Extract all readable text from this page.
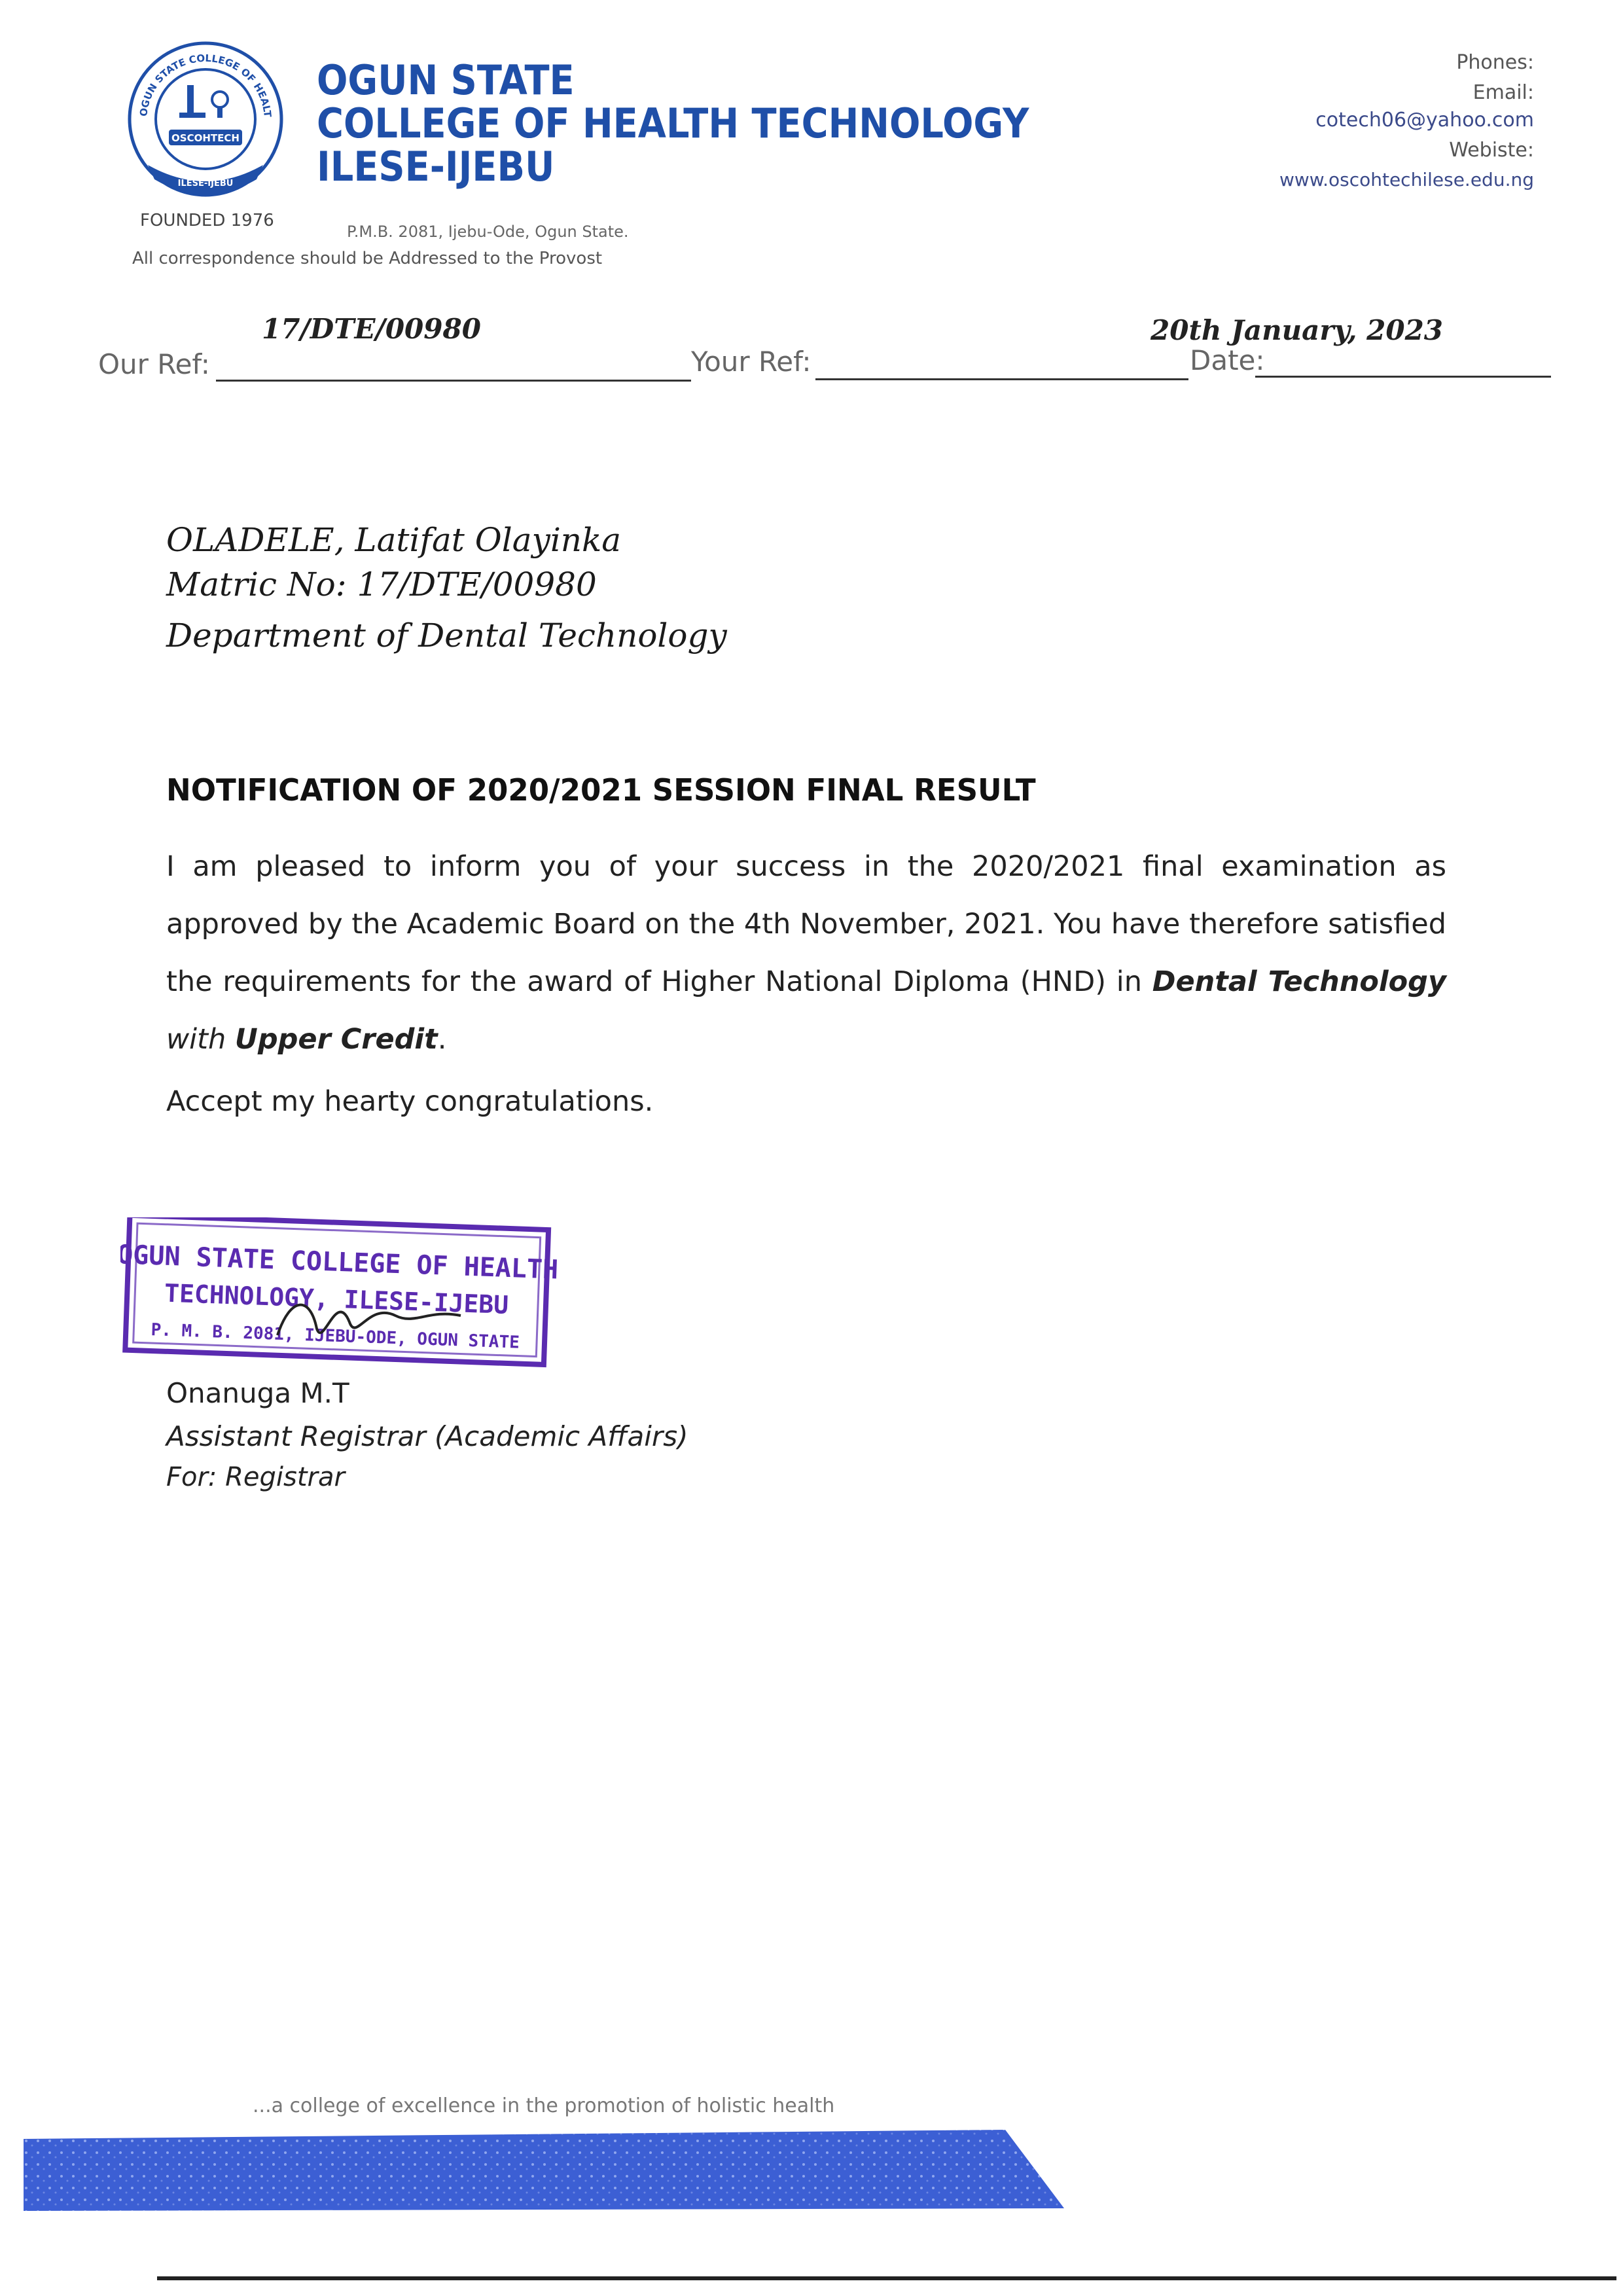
OGUN STATE COLLEGE OF HEALT
OSCOHTECH
ILESE-IJEBU
OGUN STATE
COLLEGE OF HEALTH TECHNOLOGY
ILESE-IJEBU
FOUNDED 1976
P.M.B. 2081, Ijebu-Ode, Ogun State.
All correspondence should be Addressed to the Provost
Phones:
Email:
cotech06@yahoo.com
Webiste:
www.oscohtechilese.edu.ng
Our Ref:
17/DTE/00980
Your Ref:	Date:
20th January, 2023
OLADELE, Latifat Olayinka
Matric No: 17/DTE/00980
Department of Dental Technology
NOTIFICATION OF 2020/2021 SESSION FINAL RESULT
I am pleased to inform you of your success in the 2020/2021 final examination as approved by the Academic Board on the 4th November, 2021. You have therefore satisfied the requirements for the award of Higher National Diploma (HND) in Dental Technology with Upper Credit.
Accept my hearty congratulations.
OGUN STATE COLLEGE OF HEALTH
TECHNOLOGY, ILESE-IJEBU
P. M. B. 2081, IJEBU-ODE, OGUN STATE
Onanuga M.T
Assistant Registrar (Academic Affairs)
For: Registrar
...a college of excellence in the promotion of holistic health
